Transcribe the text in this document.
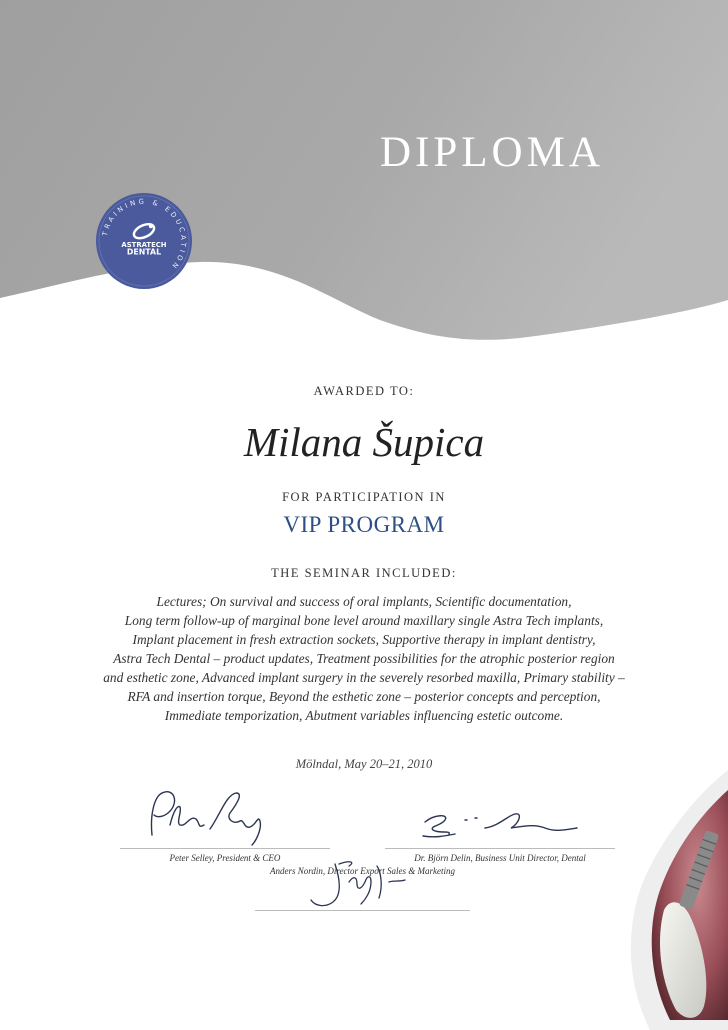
DIPLOMA
TRAINING & EDUCATION
ASTRATECH
DENTAL
AWARDED TO:
Milana Šupica
FOR PARTICIPATION IN
VIP PROGRAM
THE SEMINAR INCLUDED:
Lectures; On survival and success of oral implants, Scientific documentation,
Long term follow-up of marginal bone level around maxillary single Astra Tech implants,
Implant placement in fresh extraction sockets, Supportive therapy in implant dentistry,
Astra Tech Dental – product updates, Treatment possibilities for the atrophic posterior region
and esthetic zone, Advanced implant surgery in the severely resorbed maxilla, Primary stability –
RFA and insertion torque, Beyond the esthetic zone – posterior concepts and perception,
Immediate temporization, Abutment variables influencing estetic outcome.
Mölndal, May 20–21, 2010
Peter Selley, President & CEO	Dr. Björn Delin, Business Unit Director, Dental
Anders Nordin, Director Export Sales & Marketing
